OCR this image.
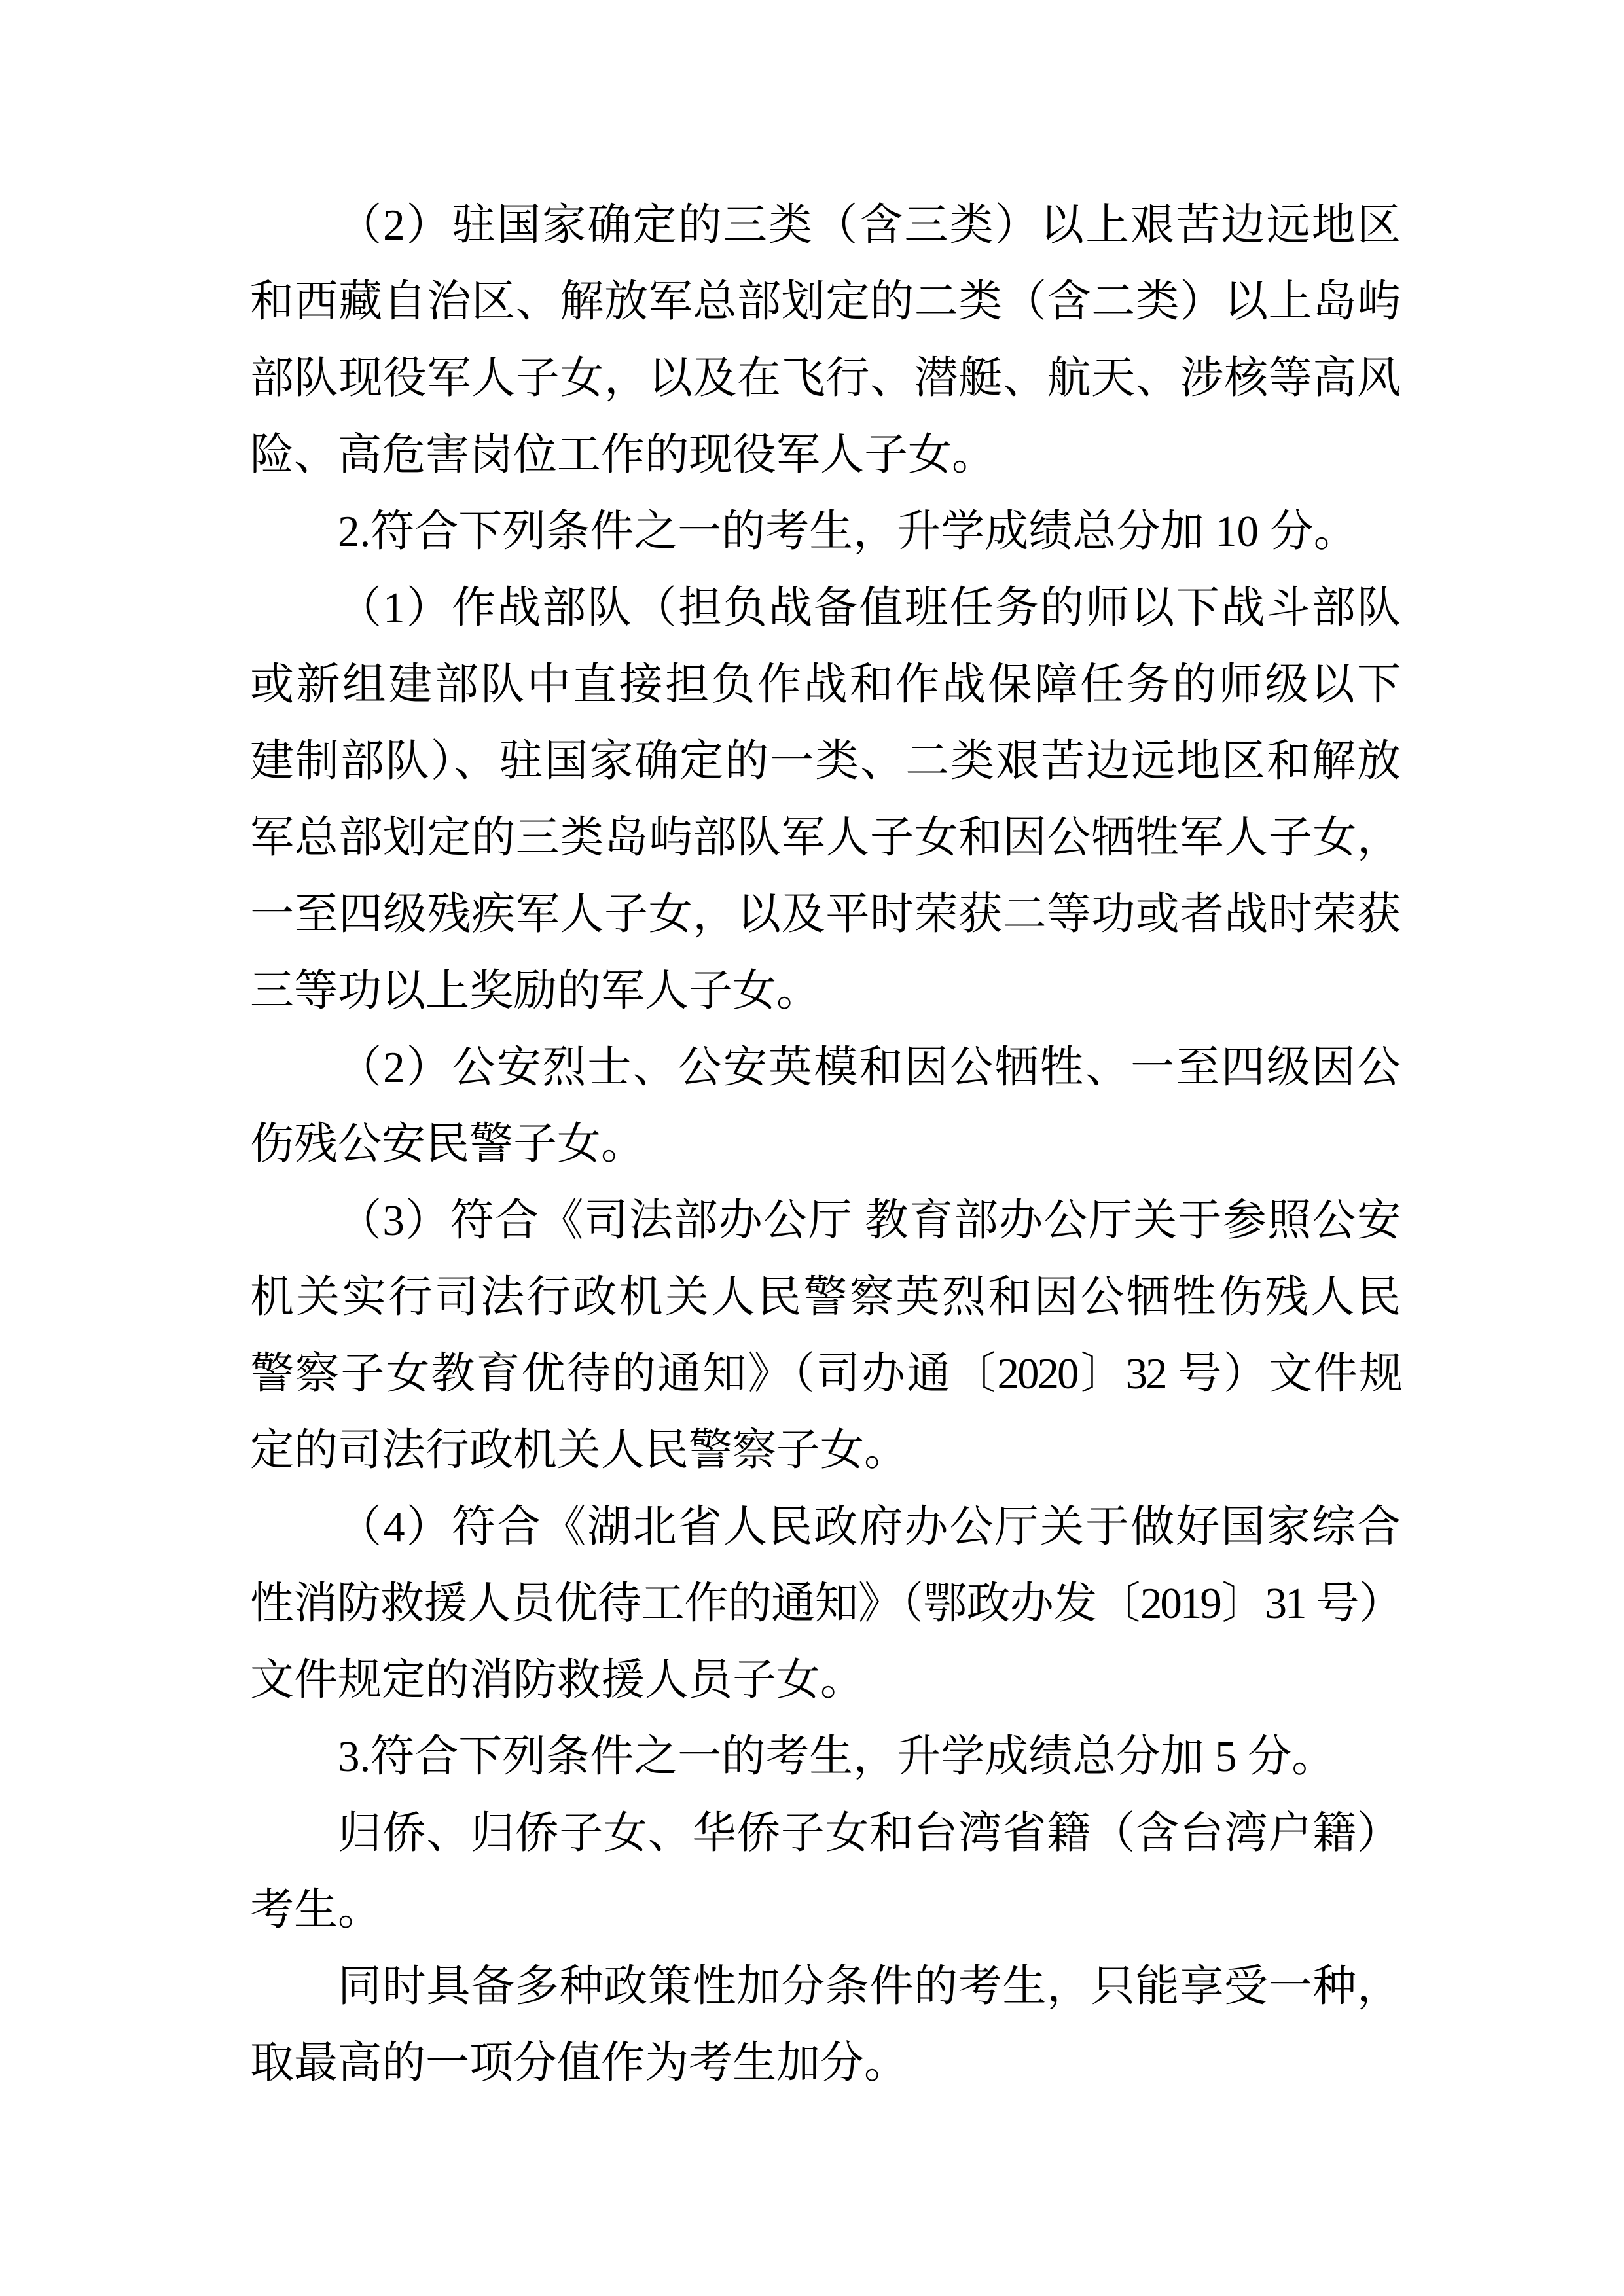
（2）驻国家确定的三类（含三类）以上艰苦边远地区
和西藏自治区、解放军总部划定的二类（含二类）以上岛屿
部队现役军人子女，以及在飞行、潜艇、航天、涉核等高风
险、高危害岗位工作的现役军人子女。
2.符合下列条件之一的考生，升学成绩总分加 10 分。
（1）作战部队（担负战备值班任务的师以下战斗部队
或新组建部队中直接担负作战和作战保障任务的师级以下
建制部队）、驻国家确定的一类、二类艰苦边远地区和解放
军总部划定的三类岛屿部队军人子女和因公牺牲军人子女，
一至四级残疾军人子女，以及平时荣获二等功或者战时荣获
三等功以上奖励的军人子女。
（2）公安烈士、公安英模和因公牺牲、一至四级因公
伤残公安民警子女。
（3）符合《司法部办公厅 教育部办公厅关于参照公安
机关实行司法行政机关人民警察英烈和因公牺牲伤残人民
警察子女教育优待的通知》（司办通〔2020〕32 号）文件规
定的司法行政机关人民警察子女。
（4）符合《湖北省人民政府办公厅关于做好国家综合
性消防救援人员优待工作的通知》（鄂政办发〔2019〕31 号）
文件规定的消防救援人员子女。
3.符合下列条件之一的考生，升学成绩总分加 5 分。
归侨、归侨子女、华侨子女和台湾省籍（含台湾户籍）
考生。
同时具备多种政策性加分条件的考生，只能享受一种，
取最高的一项分值作为考生加分。
